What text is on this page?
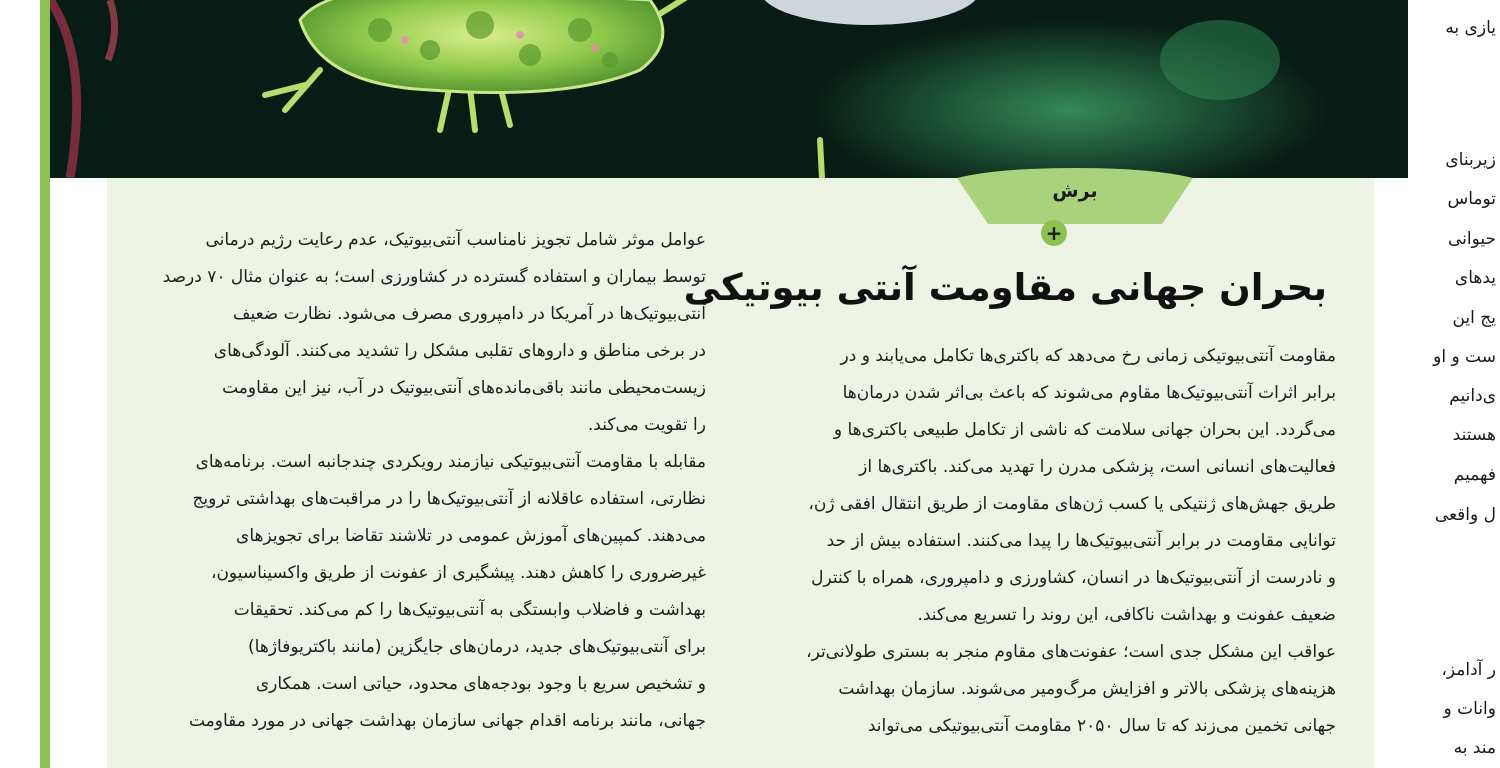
یازی به
زیربنای
توماس
حیوانی
یدهای
یج این
ست و او
ی‌دانیم
هستند
فهمیم
ل واقعی
ر آدامز،
وانات و
مند به
برش
+
بحران جهانی مقاومت آنتی بیوتیکی
مقاومت آنتی‌بیوتیکی زمانی رخ می‌دهد که باکتری‌ها تکامل می‌یابند و در
برابر اثرات آنتی‌بیوتیک‌ها مقاوم می‌شوند که باعث بی‌اثر شدن درمان‌ها
می‌گردد. این بحران جهانی سلامت که ناشی از تکامل طبیعی باکتری‌ها و
فعالیت‌های انسانی است، پزشکی مدرن را تهدید می‌کند. باکتری‌ها از
طریق جهش‌های ژنتیکی یا کسب ژن‌های مقاومت از طریق انتقال افقی ژن،
توانایی مقاومت در برابر آنتی‌بیوتیک‌ها را پیدا می‌کنند. استفاده بیش از حد
و نادرست از آنتی‌بیوتیک‌ها در انسان، کشاورزی و دامپروری، همراه با کنترل
ضعیف عفونت و بهداشت ناکافی، این روند را تسریع می‌کند.
عواقب این مشکل جدی است؛ عفونت‌های مقاوم منجر به بستری طولانی‌تر،
هزینه‌های پزشکی بالاتر و افزایش مرگ‌ومیر می‌شوند. سازمان بهداشت
جهانی تخمین می‌زند که تا سال ۲۰۵۰ مقاومت آنتی‌بیوتیکی می‌تواند
عوامل موثر شامل تجویز نامناسب آنتی‌بیوتیک، عدم رعایت رژیم درمانی
توسط بیماران و استفاده گسترده در کشاورزی است؛ به عنوان مثال ۷۰ درصد
آنتی‌بیوتیک‌ها در آمریکا در دامپروری مصرف می‌شود. نظارت ضعیف
در برخی مناطق و داروهای تقلبی مشکل را تشدید می‌کنند. آلودگی‌های
زیست‌محیطی مانند باقی‌مانده‌های آنتی‌بیوتیک در آب، نیز این مقاومت
را تقویت می‌کند.
مقابله با مقاومت آنتی‌بیوتیکی نیازمند رویکردی چندجانبه است. برنامه‌های
نظارتی، استفاده عاقلانه از آنتی‌بیوتیک‌ها را در مراقبت‌های بهداشتی ترویج
می‌دهند. کمپین‌های آموزش عمومی در تلاشند تقاضا برای تجویزهای
غیرضروری را کاهش دهند. پیشگیری از عفونت از طریق واکسیناسیون،
بهداشت و فاضلاب وابستگی به آنتی‌بیوتیک‌ها را کم می‌کند. تحقیقات
برای آنتی‌بیوتیک‌های جدید، درمان‌های جایگزین (مانند باکتریوفاژها)
و تشخیص سریع با وجود بودجه‌های محدود، حیاتی است. همکاری
جهانی، مانند برنامه اقدام جهانی سازمان بهداشت جهانی در مورد مقاومت
